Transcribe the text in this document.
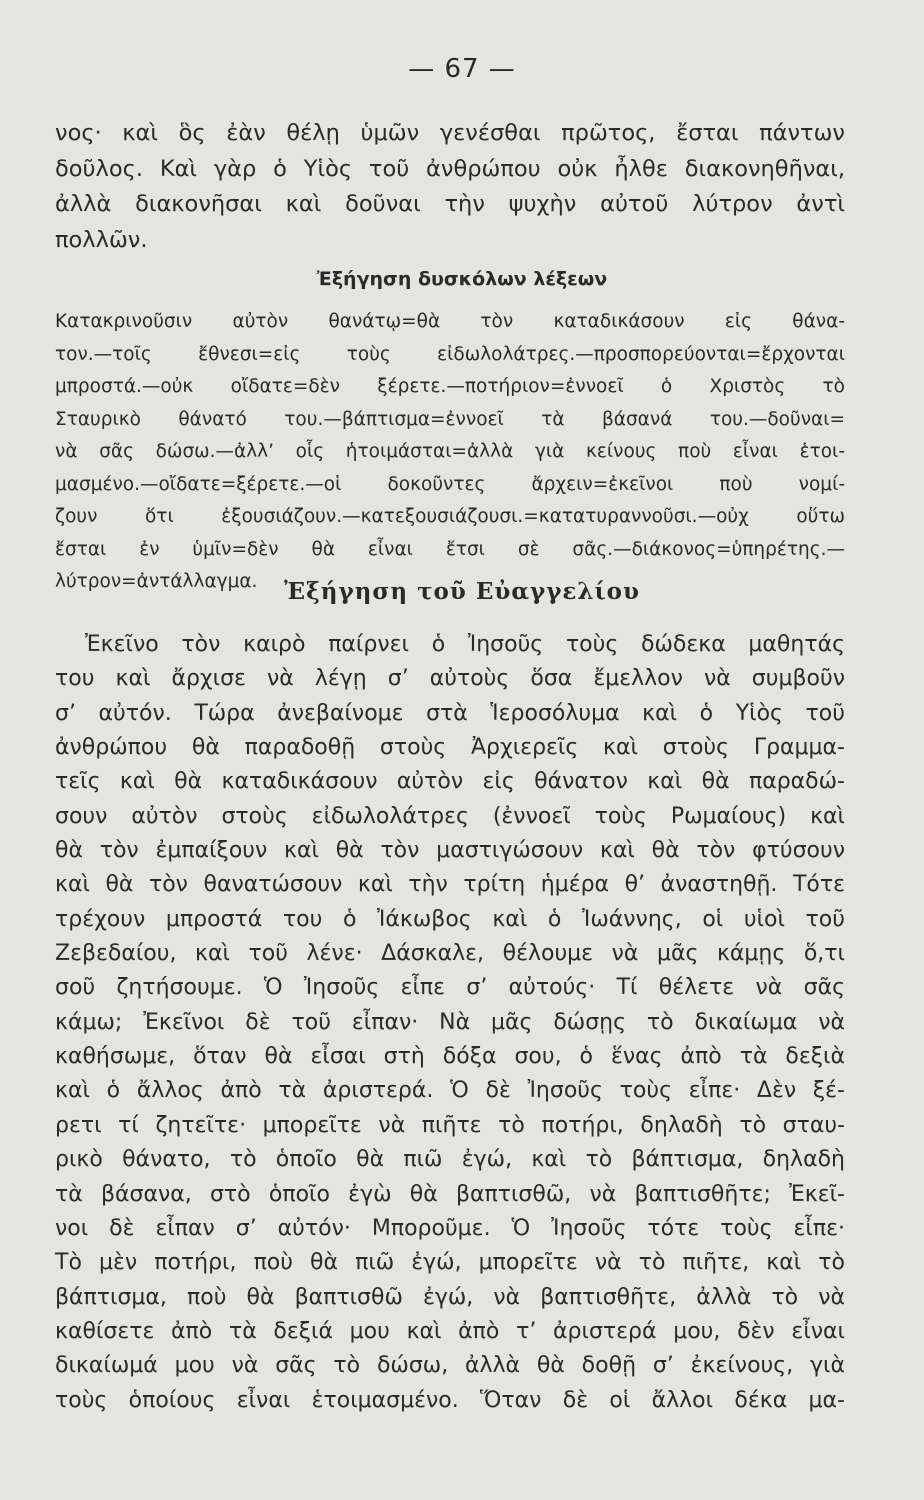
— 67 —
νος· καὶ ὃς ἐὰν θέλῃ ὑμῶν γενέσθαι πρῶτος, ἔσται πάντων
δοῦλος. Καὶ γὰρ ὁ Υἱὸς τοῦ ἀνθρώπου οὐκ ἦλθε διακονηθῆναι,
ἀλλὰ διακονῆσαι καὶ δοῦναι τὴν ψυχὴν αὐτοῦ λύτρον ἀντὶ
πολλῶν.
Ἐξήγηση δυσκόλων λέξεων
Κατακρινοῦσιν αὐτὸν θανάτῳ=θὰ τὸν καταδικάσουν εἰς θάνα-
τον.—τοῖς ἔθνεσι=εἰς τοὺς εἰδωλολάτρες.—προσπορεύονται=ἔρχονται
μπροστά.—οὐκ οἴδατε=δὲν ξέρετε.—ποτήριον=ἐννοεῖ ὁ Χριστὸς τὸ
Σταυρικὸ θάνατό του.—βάπτισμα=ἐννοεῖ τὰ βάσανά του.—δοῦναι=
νὰ σᾶς δώσω.—ἀλλ’ οἷς ἡτοιμάσται=ἀλλὰ γιὰ κείνους ποὺ εἶναι ἑτοι-
μασμένο.—οἴδατε=ξέρετε.—οἱ δοκοῦντες ἄρχειν=ἐκεῖνοι ποὺ νομί-
ζουν ὅτι ἐξουσιάζουν.—κατεξουσιάζουσι.=κατατυραννοῦσι.—οὐχ οὕτω
ἔσται ἐν ὑμῖν=δὲν θὰ εἶναι ἔτσι σὲ σᾶς.—διάκονος=ὑπηρέτης.—
λύτρον=ἀντάλλαγμα.	Ἐξήγηση τοῦ Εὐαγγελίου
Ἐκεῖνο τὸν καιρὸ παίρνει ὁ Ἰησοῦς τοὺς δώδεκα μαθητάς
του καὶ ἄρχισε νὰ λέγῃ σ’ αὐτοὺς ὅσα ἔμελλον νὰ συμβοῦν
σ’ αὐτόν. Τώρα ἀνεβαίνομε στὰ Ἱεροσόλυμα καὶ ὁ Υἱὸς τοῦ
ἀνθρώπου θὰ παραδοθῇ στοὺς Ἀρχιερεῖς καὶ στοὺς Γραμμα-
τεῖς καὶ θὰ καταδικάσουν αὐτὸν εἰς θάνατον καὶ θὰ παραδώ-
σουν αὐτὸν στοὺς εἰδωλολάτρες (ἐννοεῖ τοὺς Ρωμαίους) καὶ
θὰ τὸν ἐμπαίξουν καὶ θὰ τὸν μαστιγώσουν καὶ θὰ τὸν φτύσουν
καὶ θὰ τὸν θανατώσουν καὶ τὴν τρίτη ἡμέρα θ’ ἀναστηθῇ. Τότε
τρέχουν μπροστά του ὁ Ἰάκωβος καὶ ὁ Ἰωάννης, οἱ υἱοὶ τοῦ
Ζεβεδαίου, καὶ τοῦ λένε· Δάσκαλε, θέλουμε νὰ μᾶς κάμῃς ὅ,τι
σοῦ ζητήσουμε. Ὁ Ἰησοῦς εἶπε σ’ αὐτούς· Τί θέλετε νὰ σᾶς
κάμω; Ἐκεῖνοι δὲ τοῦ εἶπαν· Νὰ μᾶς δώσῃς τὸ δικαίωμα νὰ
καθήσωμε, ὅταν θὰ εἶσαι στὴ δόξα σου, ὁ ἕνας ἀπὸ τὰ δεξιὰ
καὶ ὁ ἄλλος ἀπὸ τὰ ἀριστερά. Ὁ δὲ Ἰησοῦς τοὺς εἶπε· Δὲν ξέ-
ρετι τί ζητεῖτε· μπορεῖτε νὰ πιῆτε τὸ ποτήρι, δηλαδὴ τὸ σταυ-
ρικὸ θάνατο, τὸ ὁποῖο θὰ πιῶ ἐγώ, καὶ τὸ βάπτισμα, δηλαδὴ
τὰ βάσανα, στὸ ὁποῖο ἐγὼ θὰ βαπτισθῶ, νὰ βαπτισθῆτε; Ἐκεῖ-
νοι δὲ εἶπαν σ’ αὐτόν· Μποροῦμε. Ὁ Ἰησοῦς τότε τοὺς εἶπε·
Τὸ μὲν ποτήρι, ποὺ θὰ πιῶ ἐγώ, μπορεῖτε νὰ τὸ πιῆτε, καὶ τὸ
βάπτισμα, ποὺ θὰ βαπτισθῶ ἐγώ, νὰ βαπτισθῆτε, ἀλλὰ τὸ νὰ
καθίσετε ἀπὸ τὰ δεξιά μου καὶ ἀπὸ τ’ ἀριστερά μου, δὲν εἶναι
δικαίωμά μου νὰ σᾶς τὸ δώσω, ἀλλὰ θὰ δοθῇ σ’ ἐκείνους, γιὰ
τοὺς ὁποίους εἶναι ἑτοιμασμένο. Ὅταν δὲ οἱ ἄλλοι δέκα μα-
